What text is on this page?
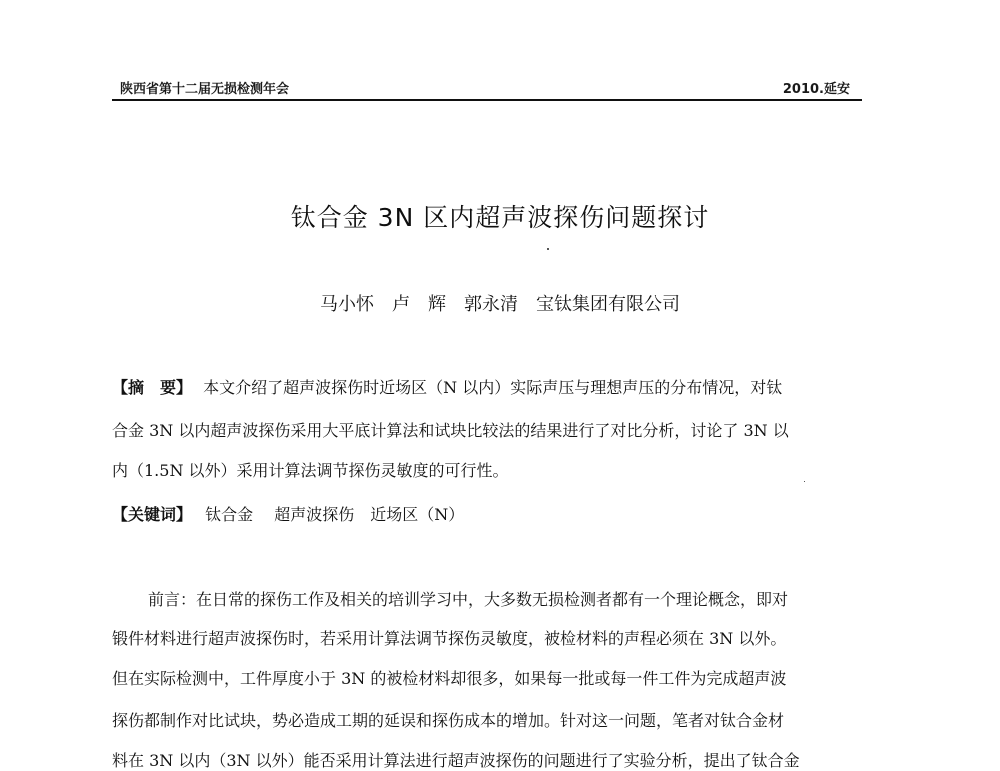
陕西省第十二届无损检测年会	2010.延安
钛合金 3N 区内超声波探伤问题探讨
马小怀　卢　辉　郭永清　宝钛集团有限公司
【摘　要】 本文介绍了超声波探伤时近场区（N 以内）实际声压与理想声压的分布情况，对钛
合金 3N 以内超声波探伤采用大平底计算法和试块比较法的结果进行了对比分析，讨论了 3N 以
内（1.5N 以外）采用计算法调节探伤灵敏度的可行性。
【关键词】 钛合金　 超声波探伤　近场区（N）
前言：在日常的探伤工作及相关的培训学习中，大多数无损检测者都有一个理论概念，即对
锻件材料进行超声波探伤时，若采用计算法调节探伤灵敏度，被检材料的声程必须在 3N 以外。
但在实际检测中，工件厚度小于 3N 的被检材料却很多，如果每一批或每一件工件为完成超声波
探伤都制作对比试块，势必造成工期的延误和探伤成本的增加。针对这一问题，笔者对钛合金材
料在 3N 以内（3N 以外）能否采用计算法进行超声波探伤的问题进行了实验分析，提出了钛合金
